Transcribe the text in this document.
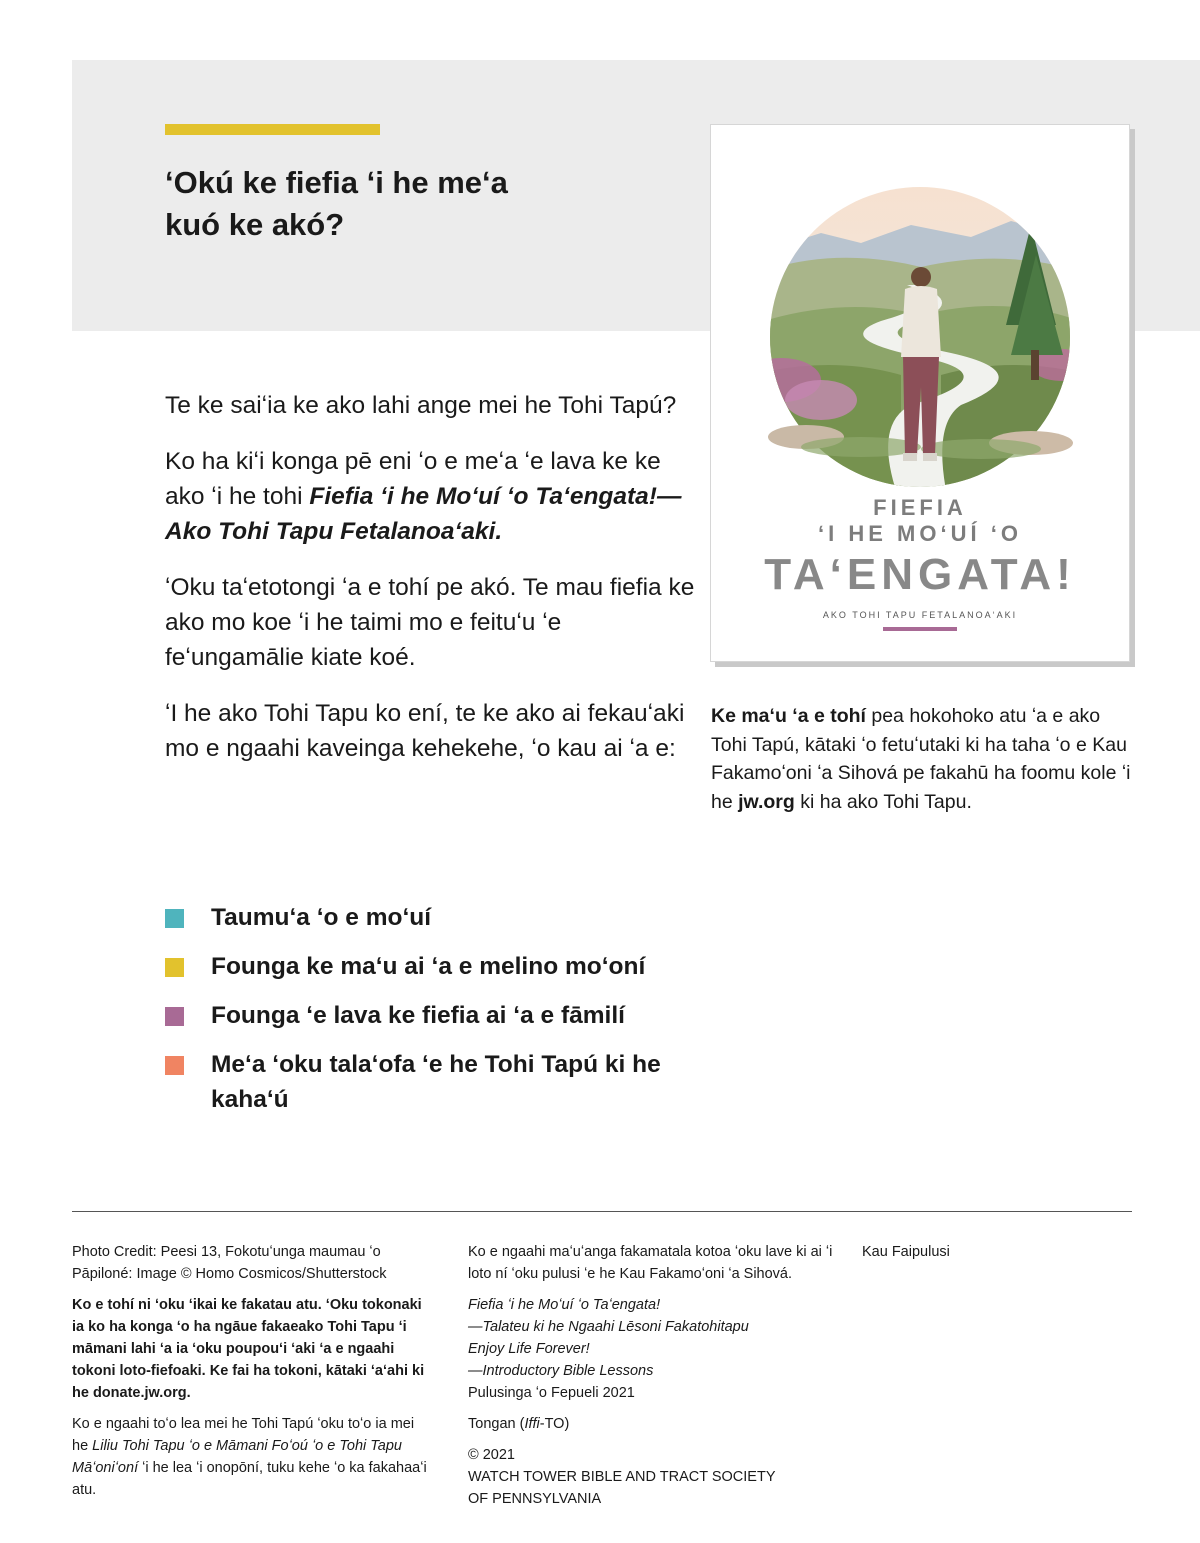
ʻOkú ke fiefia ʻi he meʻa
kuó ke akó?

Te ke saiʻia ke ako lahi ange mei he Tohi Tapú?

Ko ha kiʻi konga pē eni ʻo e meʻa ʻe lava ke ke ako ʻi he tohi Fiefia ʻi he Moʻuí ʻo Taʻengata!—Ako Tohi Tapu Fetalanoaʻaki.

ʻOku taʻetotongi ʻa e tohí pe akó. Te mau fiefia ke ako mo koe ʻi he taimi mo e feituʻu ʻe feʻungamālie kiate koé.

ʻI he ako Tohi Tapu ko ení, te ke ako ai fekauʻaki mo e ngaahi kaveinga kehekehe, ʻo kau ai ʻa e:

Taumuʻa ʻo e moʻuí
Founga ke maʻu ai ʻa e melino moʻoní
Founga ʻe lava ke fiefia ai ʻa e fāmilí
Meʻa ʻoku talaʻofa ʻe he Tohi Tapú ki he kahaʻú
FIEFIA
ʻI HE MOʻUÍ ʻO
TAʻENGATA!
AKO TOHI TAPU FETALANOAʻAKI

Ke maʻu ʻa e tohí pea hokohoko atu ʻa e ako Tohi Tapú, kātaki ʻo fetuʻutaki ki ha taha ʻo e Kau Fakamoʻoni ʻa Sihová pe fakahū ha foomu kole ʻi he jw.org ki ha ako Tohi Tapu.

Photo Credit: Peesi 13, Fokotuʻunga maumau ʻo Pāpiloné: Image © Homo Cosmicos/Shutterstock

Ko e tohí ni ʻoku ʻikai ke fakatau atu. ʻOku tokonaki ia ko ha konga ʻo ha ngāue fakaeako Tohi Tapu ʻi māmani lahi ʻa ia ʻoku poupouʻi ʻaki ʻa e ngaahi tokoni loto-fiefoaki. Ke fai ha tokoni, kātaki ʻaʻahi ki he donate.jw.org.

Ko e ngaahi toʻo lea mei he Tohi Tapú ʻoku toʻo ia mei he Liliu Tohi Tapu ʻo e Māmani Foʻoú ʻo e Tohi Tapu Māʻoniʻoní ʻi he lea ʻi onopōní, tuku kehe ʻo ka fakahaaʻi atu.

Ko e ngaahi maʻuʻanga fakamatala kotoa ʻoku lave ki ai ʻi loto ní ʻoku pulusi ʻe he Kau Fakamoʻoni ʻa Sihová.

Fiefia ʻi he Moʻuí ʻo Taʻengata!
—Talateu ki he Ngaahi Lēsoni Fakatohitapu
Enjoy Life Forever!
—Introductory Bible Lessons
Pulusinga ʻo Fepueli 2021

Tongan (Iffi-TO)

© 2021
WATCH TOWER BIBLE AND TRACT SOCIETY
OF PENNSYLVANIA

Kau Faipulusi
